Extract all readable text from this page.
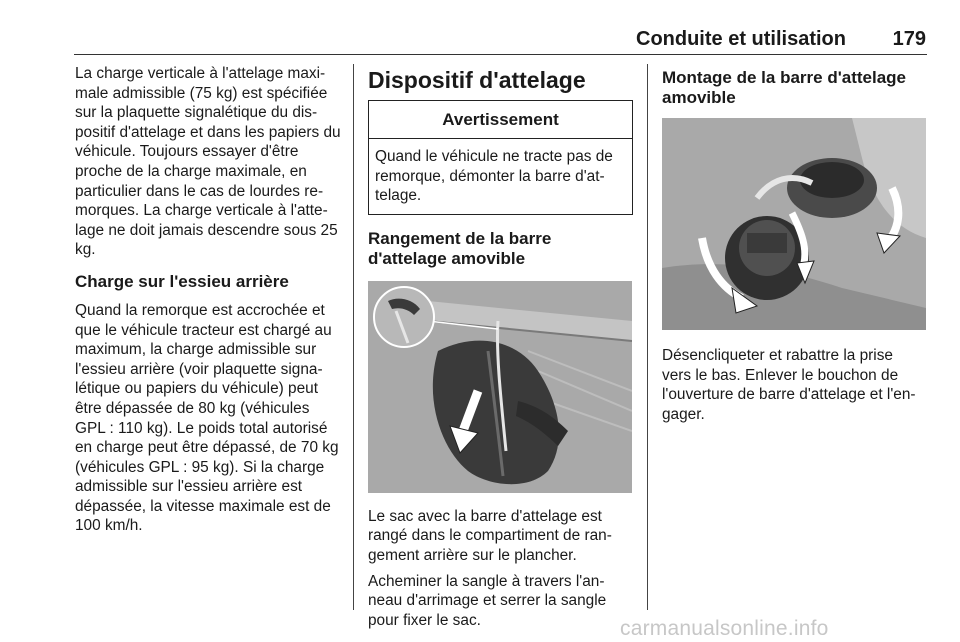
Conduite et utilisation	179

La charge verticale à l'attelage maxi-male admissible (75 kg) est spécifiée sur la plaquette signalétique du dis-positif d'attelage et dans les papiers du véhicule. Toujours essayer d'être proche de la charge maximale, en particulier dans le cas de lourdes re-morques. La charge verticale à l'atte-lage ne doit jamais descendre sous 25 kg.

Charge sur l'essieu arrière

Quand la remorque est accrochée et que le véhicule tracteur est chargé au maximum, la charge admissible sur l'essieu arrière (voir plaquette signa-létique ou papiers du véhicule) peut être dépassée de 80 kg (véhicules GPL : 110 kg). Le poids total autorisé en charge peut être dépassé, de 70 kg (véhicules GPL : 95 kg). Si la charge admissible sur l'essieu arrière est dépassée, la vitesse maximale est de 100 km/h.

Dispositif d'attelage

Avertissement
Quand le véhicule ne tracte pas de remorque, démonter la barre d'at-telage.

Rangement de la barre d'attelage amovible

Le sac avec la barre d'attelage est rangé dans le compartiment de ran-gement arrière sur le plancher.

Acheminer la sangle à travers l'an-neau d'arrimage et serrer la sangle pour fixer le sac.

Montage de la barre d'attelage amovible

Désencliqueter et rabattre la prise vers le bas. Enlever le bouchon de l'ouverture de barre d'attelage et l'en-gager.

carmanualsonline.info
